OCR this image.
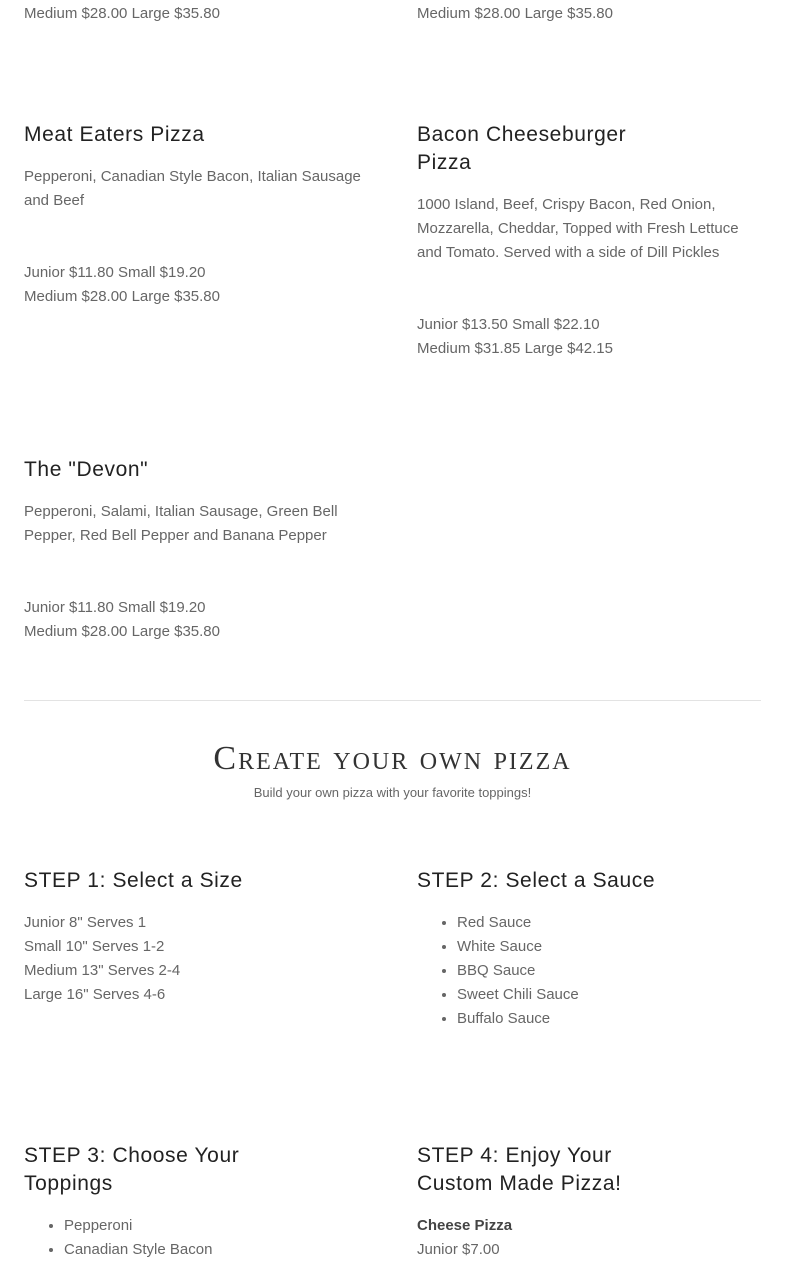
Medium $28.00 Large $35.80	Medium $28.00 Large $35.80
Meat Eaters Pizza
Pepperoni, Canadian Style Bacon, Italian Sausage
and Beef
Junior $11.80 Small $19.20
Medium $28.00 Large $35.80
Bacon Cheeseburger
Pizza
1000 Island, Beef, Crispy Bacon, Red Onion,
Mozzarella, Cheddar, Topped with Fresh Lettuce
and Tomato. Served with a side of Dill Pickles
Junior $13.50 Small $22.10
Medium $31.85 Large $42.15
The "Devon"
Pepperoni, Salami, Italian Sausage, Green Bell
Pepper, Red Bell Pepper and Banana Pepper
Junior $11.80 Small $19.20
Medium $28.00 Large $35.80
Create your own pizza
Build your own pizza with your favorite toppings!
STEP 1: Select a Size
Junior 8" Serves 1
Small 10" Serves 1-2
Medium 13" Serves 2-4
Large 16" Serves 4-6
STEP 2: Select a Sauce
• Red Sauce
• White Sauce
• BBQ Sauce
• Sweet Chili Sauce
• Buffalo Sauce
STEP 3: Choose Your
Toppings
• Pepperoni
• Canadian Style Bacon
STEP 4: Enjoy Your
Custom Made Pizza!
Cheese Pizza
Junior $7.00
